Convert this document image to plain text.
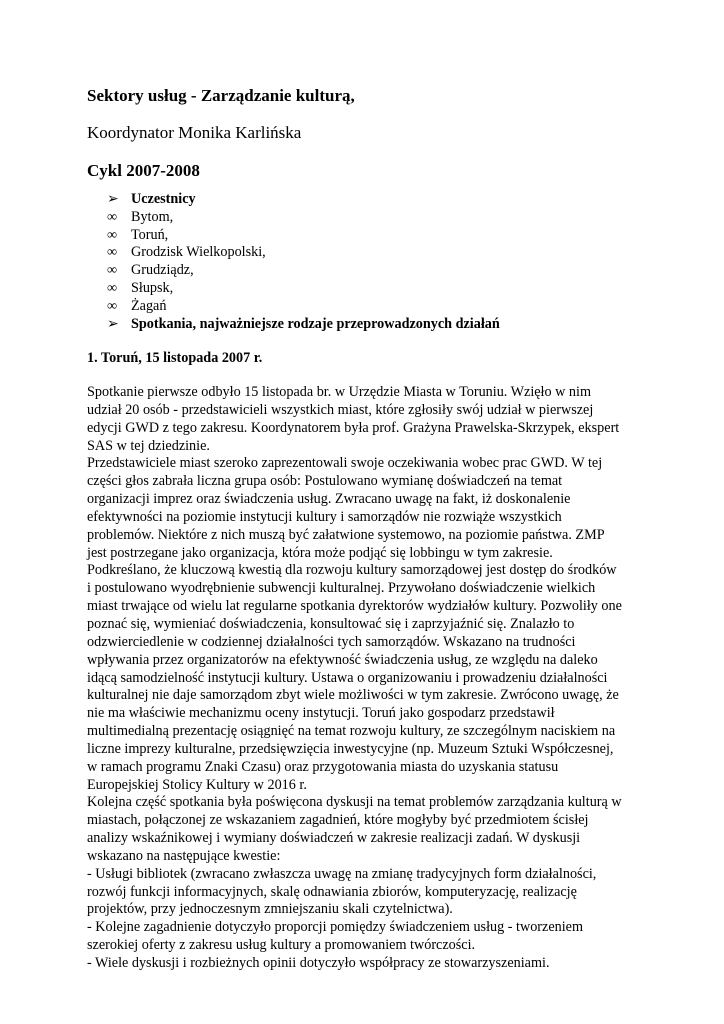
Sektory usług - Zarządzanie kulturą,

Koordynator Monika Karlińska

Cykl 2007-2008
➢ Uczestnicy
∞ Bytom,
∞ Toruń,
∞ Grodzisk Wielkopolski,
∞ Grudziądz,
∞ Słupsk,
∞ Żagań
➢ Spotkania, najważniejsze rodzaje przeprowadzonych działań
1. Toruń, 15 listopada 2007 r.
Spotkanie pierwsze odbyło 15 listopada br. w Urzędzie Miasta w Toruniu. Wzięło w nim
udział 20 osób - przedstawicieli wszystkich miast, które zgłosiły swój udział w pierwszej
edycji GWD z tego zakresu. Koordynatorem była prof. Grażyna Prawelska-Skrzypek, ekspert
SAS w tej dziedzinie.
Przedstawiciele miast szeroko zaprezentowali swoje oczekiwania wobec prac GWD. W tej
części głos zabrała liczna grupa osób: Postulowano wymianę doświadczeń na temat
organizacji imprez oraz świadczenia usług. Zwracano uwagę na fakt, iż doskonalenie
efektywności na poziomie instytucji kultury i samorządów nie rozwiąże wszystkich
problemów. Niektóre z nich muszą być załatwione systemowo, na poziomie państwa. ZMP
jest postrzegane jako organizacja, która może podjąć się lobbingu w tym zakresie.
Podkreślano, że kluczową kwestią dla rozwoju kultury samorządowej jest dostęp do środków
i postulowano wyodrębnienie subwencji kulturalnej. Przywołano doświadczenie wielkich
miast trwające od wielu lat regularne spotkania dyrektorów wydziałów kultury. Pozwoliły one
poznać się, wymieniać doświadczenia, konsultować się i zaprzyjaźnić się. Znalazło to
odzwierciedlenie w codziennej działalności tych samorządów. Wskazano na trudności
wpływania przez organizatorów na efektywność świadczenia usług, ze względu na daleko
idącą samodzielność instytucji kultury. Ustawa o organizowaniu i prowadzeniu działalności
kulturalnej nie daje samorządom zbyt wiele możliwości w tym zakresie. Zwrócono uwagę, że
nie ma właściwie mechanizmu oceny instytucji. Toruń jako gospodarz przedstawił
multimedialną prezentację osiągnięć na temat rozwoju kultury, ze szczególnym naciskiem na
liczne imprezy kulturalne, przedsięwzięcia inwestycyjne (np. Muzeum Sztuki Współczesnej,
w ramach programu Znaki Czasu) oraz przygotowania miasta do uzyskania statusu
Europejskiej Stolicy Kultury w 2016 r.
Kolejna część spotkania była poświęcona dyskusji na temat problemów zarządzania kulturą w
miastach, połączonej ze wskazaniem zagadnień, które mogłyby być przedmiotem ścisłej
analizy wskaźnikowej i wymiany doświadczeń w zakresie realizacji zadań. W dyskusji
wskazano na następujące kwestie:
- Usługi bibliotek (zwracano zwłaszcza uwagę na zmianę tradycyjnych form działalności,
rozwój funkcji informacyjnych, skalę odnawiania zbiorów, komputeryzację, realizację
projektów, przy jednoczesnym zmniejszaniu skali czytelnictwa).
- Kolejne zagadnienie dotyczyło proporcji pomiędzy świadczeniem usług - tworzeniem
szerokiej oferty z zakresu usług kultury a promowaniem twórczości.
- Wiele dyskusji i rozbieżnych opinii dotyczyło współpracy ze stowarzyszeniami.
